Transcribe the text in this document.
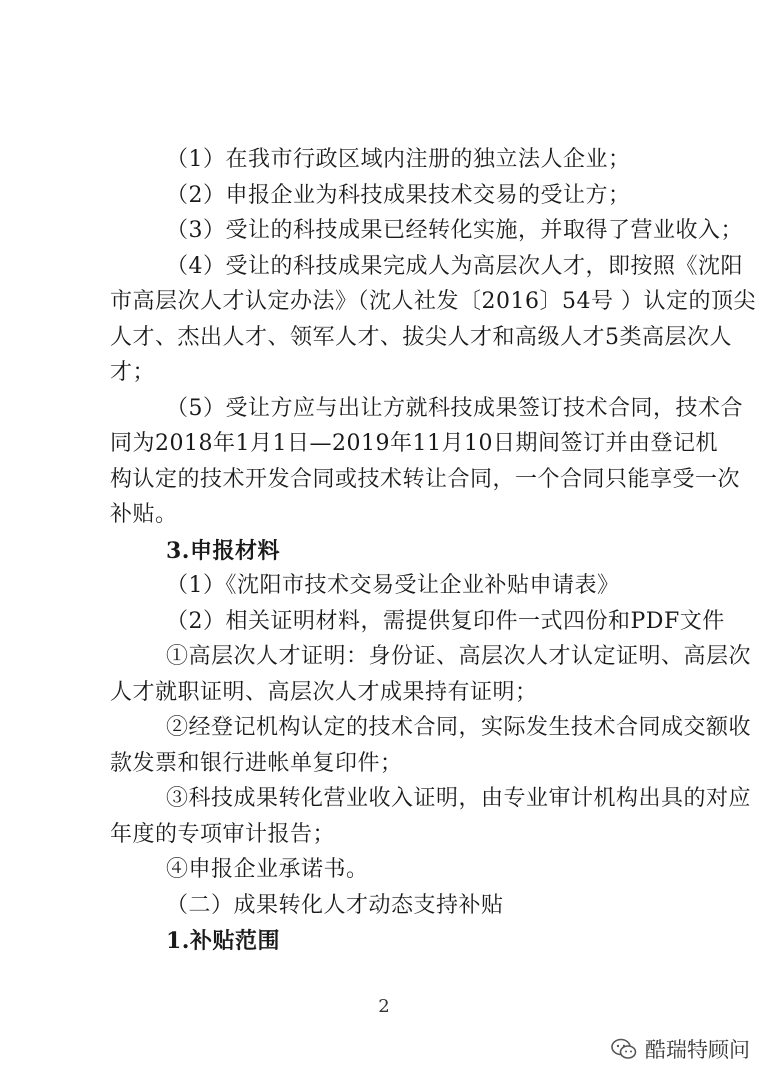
（1）在我市行政区域内注册的独立法人企业；
（2）申报企业为科技成果技术交易的受让方；
（3）受让的科技成果已经转化实施，并取得了营业收入；
（4）受让的科技成果完成人为高层次人才，即按照《沈阳
市高层次人才认定办法》（沈人社发〔2016〕54号 ）认定的顶尖
人才、杰出人才、领军人才、拔尖人才和高级人才5类高层次人
才；
（5）受让方应与出让方就科技成果签订技术合同，技术合
同为2018年1月1日—2019年11月10日期间签订并由登记机
构认定的技术开发合同或技术转让合同，一个合同只能享受一次
补贴。
3.申报材料
（1）《沈阳市技术交易受让企业补贴申请表》
（2）相关证明材料，需提供复印件一式四份和PDF文件
①高层次人才证明：身份证、高层次人才认定证明、高层次
人才就职证明、高层次人才成果持有证明；
②经登记机构认定的技术合同，实际发生技术合同成交额收
款发票和银行进帐单复印件；
③科技成果转化营业收入证明，由专业审计机构出具的对应
年度的专项审计报告；
④申报企业承诺书。
（二）成果转化人才动态支持补贴
1.补贴范围
2
酷瑞特顾问
